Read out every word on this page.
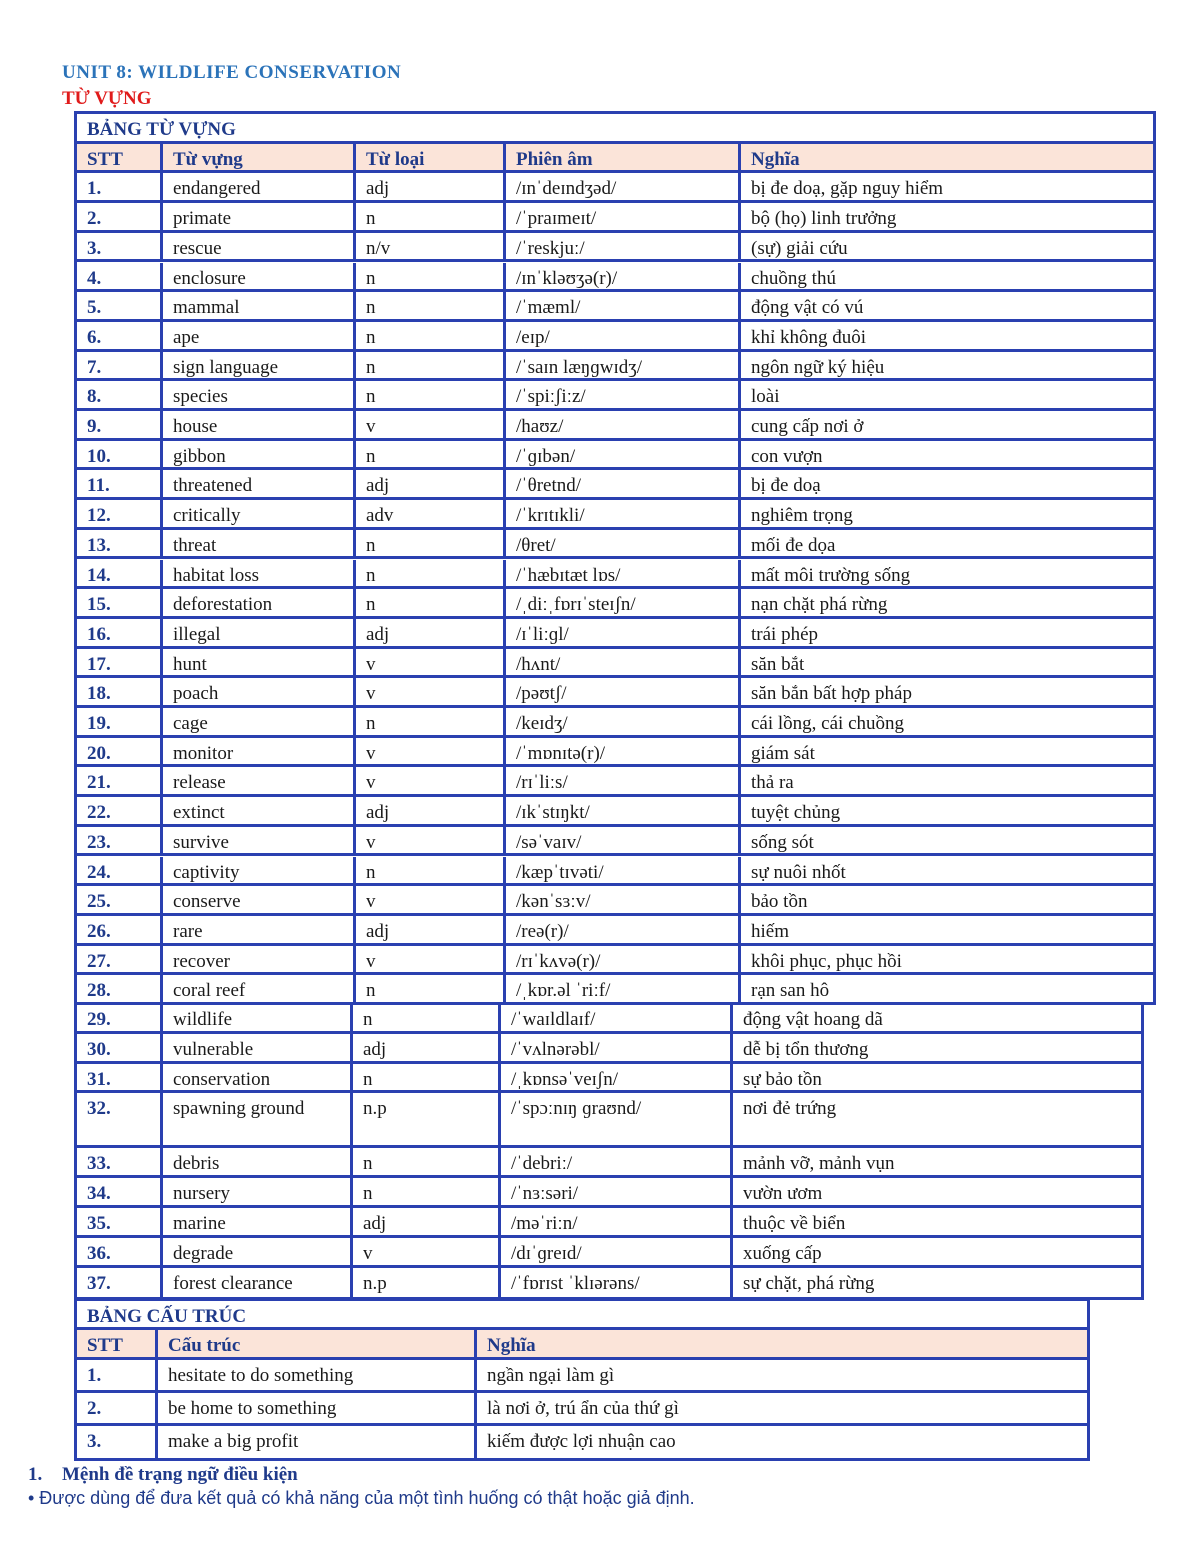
UNIT 8: WILDLIFE CONSERVATION
TỪ VỰNG
BẢNG TỪ VỰNG
STT	Từ vựng	Từ loại	Phiên âm	Nghĩa
1.	endangered	adj	/ɪnˈdeɪndʒəd/	bị đe doạ, gặp nguy hiểm
2.	primate	n	/ˈpraɪmeɪt/	bộ (họ) linh trưởng
3.	rescue	n/v	/ˈreskjuː/	(sự) giải cứu
4.	enclosure	n	/ɪnˈkləʊʒə(r)/	chuồng thú
5.	mammal	n	/ˈmæml/	động vật có vú
6.	ape	n	/eɪp/	khỉ không đuôi
7.	sign language	n	/ˈsaɪn læŋɡwɪdʒ/	ngôn ngữ ký hiệu
8.	species	n	/ˈspiːʃiːz/	loài
9.	house	v	/haʊz/	cung cấp nơi ở
10.	gibbon	n	/ˈɡɪbən/	con vượn
11.	threatened	adj	/ˈθretnd/	bị đe doạ
12.	critically	adv	/ˈkrɪtɪkli/	nghiêm trọng
13.	threat	n	/θret/	mối đe dọa
14.	habitat loss	n	/ˈhæbɪtæt lɒs/	mất môi trường sống
15.	deforestation	n	/ˌdiːˌfɒrɪˈsteɪʃn/	nạn chặt phá rừng
16.	illegal	adj	/ɪˈliːɡl/	trái phép
17.	hunt	v	/hʌnt/	săn bắt
18.	poach	v	/pəʊtʃ/	săn bắn bất hợp pháp
19.	cage	n	/keɪdʒ/	cái lồng, cái chuồng
20.	monitor	v	/ˈmɒnɪtə(r)/	giám sát
21.	release	v	/rɪˈliːs/	thả ra
22.	extinct	adj	/ɪkˈstɪŋkt/	tuyệt chủng
23.	survive	v	/səˈvaɪv/	sống sót
24.	captivity	n	/kæpˈtɪvəti/	sự nuôi nhốt
25.	conserve	v	/kənˈsɜːv/	bảo tồn
26.	rare	adj	/reə(r)/	hiếm
27.	recover	v	/rɪˈkʌvə(r)/	khôi phục, phục hồi
28.	coral reef	n	/ˌkɒr.əl ˈriːf/	rạn san hô
29.	wildlife	n	/ˈwaɪldlaɪf/	động vật hoang dã
30.	vulnerable	adj	/ˈvʌlnərəbl/	dễ bị tổn thương
31.	conservation	n	/ˌkɒnsəˈveɪʃn/	sự bảo tồn
32.	spawning ground	n.p	/ˈspɔːnɪŋ ɡraʊnd/	nơi đẻ trứng
33.	debris	n	/ˈdebriː/	mảnh vỡ, mảnh vụn
34.	nursery	n	/ˈnɜːsəri/	vườn ươm
35.	marine	adj	/məˈriːn/	thuộc về biển
36.	degrade	v	/dɪˈɡreɪd/	xuống cấp
37.	forest clearance	n.p	/ˈfɒrɪst ˈklɪərəns/	sự chặt, phá rừng
BẢNG CẤU TRÚC
STT	Cấu trúc	Nghĩa
1.	hesitate to do something	ngần ngại làm gì
2.	be home to something	là nơi ở, trú ẩn của thứ gì
3.	make a big profit	kiếm được lợi nhuận cao
1. Mệnh đề trạng ngữ điều kiện
• Được dùng để đưa kết quả có khả năng của một tình huống có thật hoặc giả định.
